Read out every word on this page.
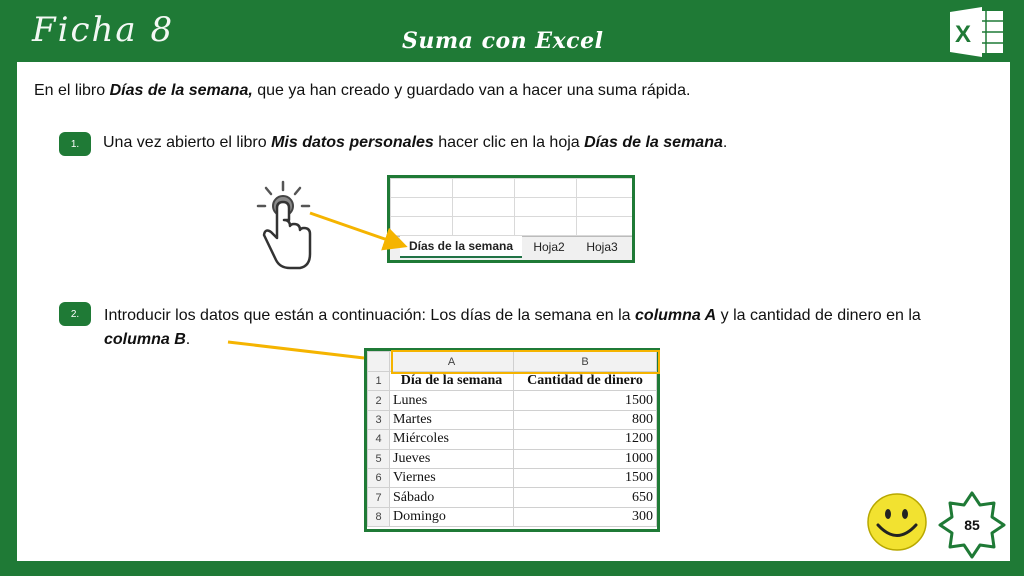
Ficha 8	Suma con Excel	X
En el libro Días de la semana, que ya han creado y guardado van a hacer una suma rápida.
1.	Una vez abierto el libro Mis datos personales hacer clic en la hoja Días de la semana.
Días de la semana	Hoja2	Hoja3
2.	Introducir los datos que están a continuación: Los días de la semana en la columna A y la cantidad de dinero en la columna B.
	A	B
1	Día de la semana	Cantidad de dinero
2	Lunes	1500
3	Martes	800
4	Miércoles	1200
5	Jueves	1000
6	Viernes	1500
7	Sábado	650
8	Domingo	300
85
